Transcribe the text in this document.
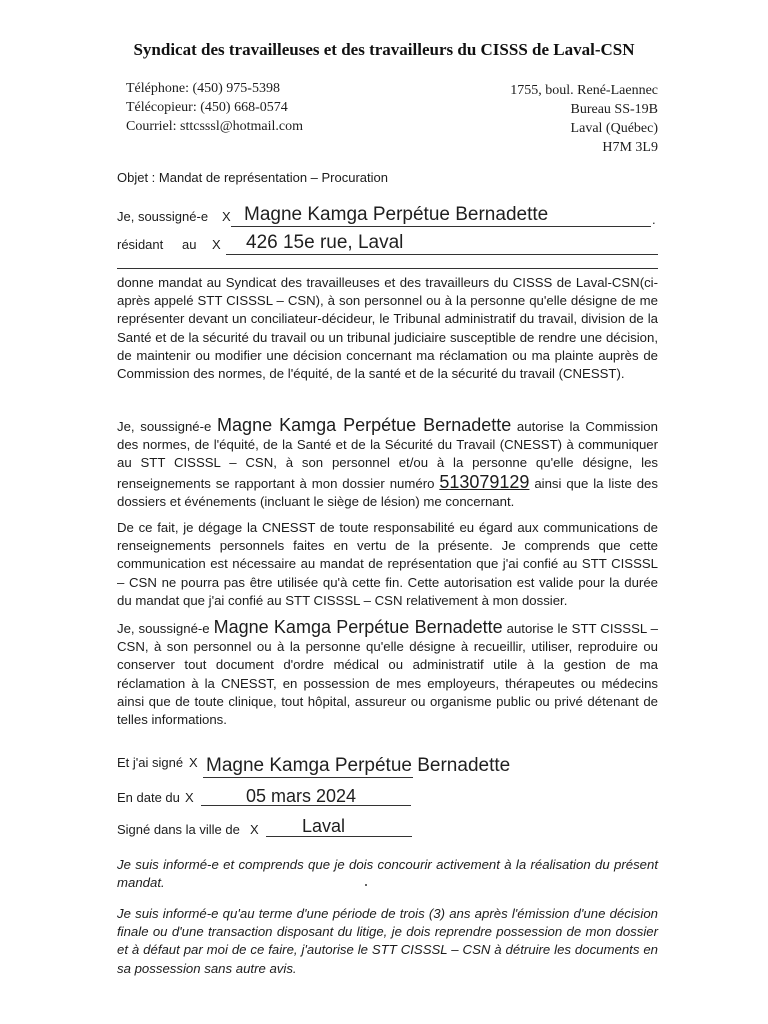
Syndicat des travailleuses et des travailleurs du CISSS de Laval-CSN
Téléphone: (450) 975-5398
Télécopieur: (450) 668-0574
Courriel: sttcsssl@hotmail.com
1755, boul. René-Laennec
Bureau SS-19B
Laval (Québec)
H7M 3L9
Objet : Mandat de représentation – Procuration
Je, soussigné-e X Magne Kamga Perpétue Bernadette	.
résidant au X 426 15e rue, Laval
donne mandat au Syndicat des travailleuses et des travailleurs du CISSS de Laval-CSN(ci-après appelé STT CISSSL – CSN), à son personnel ou à la personne qu'elle désigne de me représenter devant un conciliateur-décideur, le Tribunal administratif du travail, division de la Santé et de la sécurité du travail ou un tribunal judiciaire susceptible de rendre une décision, de maintenir ou modifier une décision concernant ma réclamation ou ma plainte auprès de Commission des normes, de l'équité, de la santé et de la sécurité du travail (CNESST).
Je, soussigné-e Magne Kamga Perpétue Bernadette autorise la Commission des normes, de l'équité, de la Santé et de la Sécurité du Travail (CNESST) à communiquer au STT CISSSL – CSN, à son personnel et/ou à la personne qu'elle désigne, les renseignements se rapportant à mon dossier numéro 513079129 ainsi que la liste des dossiers et événements (incluant le siège de lésion) me concernant.
De ce fait, je dégage la CNESST de toute responsabilité eu égard aux communications de renseignements personnels faites en vertu de la présente. Je comprends que cette communication est nécessaire au mandat de représentation que j'ai confié au STT CISSSL – CSN ne pourra pas être utilisée qu'à cette fin. Cette autorisation est valide pour la durée du mandat que j'ai confié au STT CISSSL – CSN relativement à mon dossier.
Je, soussigné-e Magne Kamga Perpétue Bernadette autorise le STT CISSSL – CSN, à son personnel ou à la personne qu'elle désigne à recueillir, utiliser, reproduire ou conserver tout document d'ordre médical ou administratif utile à la gestion de ma réclamation à la CNESST, en possession de mes employeurs, thérapeutes ou médecins ainsi que de toute clinique, tout hôpital, assureur ou organisme public ou privé détenant de telles informations.
Et j'ai signé X Magne Kamga Perpétue Bernadette
En date du X	05 mars 2024
Signé dans la ville de X Laval
Je suis informé-e et comprends que je dois concourir activement à la réalisation du présent mandat.
Je suis informé-e qu'au terme d'une période de trois (3) ans après l'émission d'une décision finale ou d'une transaction disposant du litige, je dois reprendre possession de mon dossier et à défaut par moi de ce faire, j'autorise le STT CISSSL – CSN à détruire les documents en sa possession sans autre avis.
